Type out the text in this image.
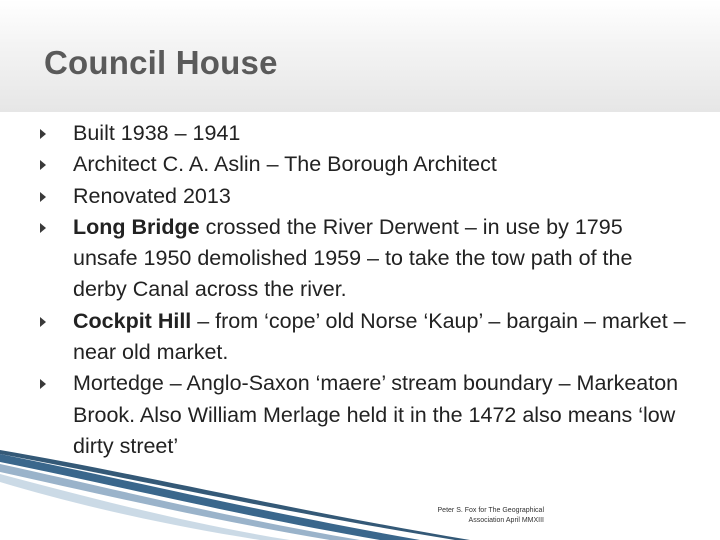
Council House
Built 1938 – 1941
Architect C. A. Aslin – The Borough Architect
Renovated 2013
Long Bridge crossed the River Derwent – in use by 1795 unsafe 1950 demolished 1959 – to take the tow path of the derby Canal across the river.
Cockpit Hill – from ‘cope’ old Norse ‘Kaup’ – bargain – market – near old market.
Mortedge – Anglo-Saxon ‘maere’ stream boundary – Markeaton Brook. Also William Merlage held it in the 1472 also means ‘low dirty street’
Peter S. Fox for The Geographical
Association April MMXIII
